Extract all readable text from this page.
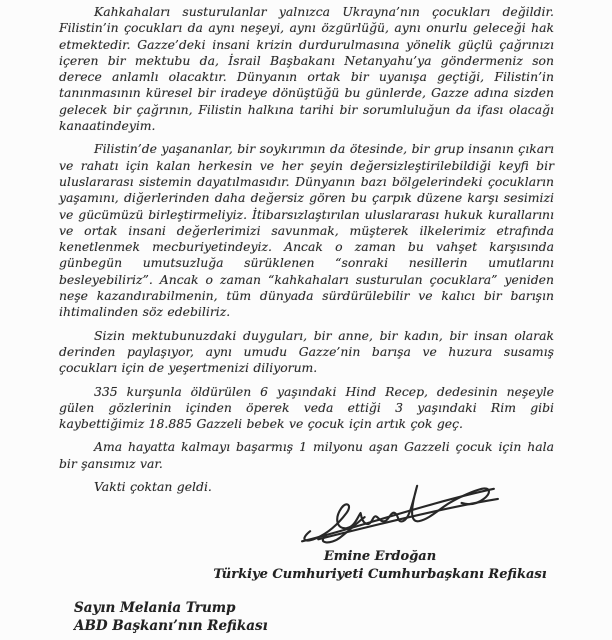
Kahkahaları susturulanlar yalnızca Ukrayna’nın çocukları değildir. Filistin’in çocukları da aynı neşeyi, aynı özgürlüğü, aynı onurlu geleceği hak etmektedir. Gazze’deki insani krizin durdurulmasına yönelik güçlü çağrınızı içeren bir mektubu da, İsrail Başbakanı Netanyahu’ya göndermeniz son derece anlamlı olacaktır. Dünyanın ortak bir uyanışa geçtiği, Filistin’in tanınmasının küresel bir iradeye dönüştüğü bu günlerde, Gazze adına sizden gelecek bir çağrının, Filistin halkına tarihi bir sorumluluğun da ifası olacağı kanaatindeyim.

Filistin’de yaşananlar, bir soykırımın da ötesinde, bir grup insanın çıkarı ve rahatı için kalan herkesin ve her şeyin değersizleştirilebildiği keyfi bir uluslararası sistemin dayatılmasıdır. Dünyanın bazı bölgelerindeki çocukların yaşamını, diğerlerinden daha değersiz gören bu çarpık düzene karşı sesimizi ve gücümüzü birleştirmeliyiz. İtibarsızlaştırılan uluslararası hukuk kurallarını ve ortak insani değerlerimizi savunmak, müşterek ilkelerimiz etrafında kenetlenmek mecburiyetindeyiz. Ancak o zaman bu vahşet karşısında günbegün umutsuzluğa sürüklenen “sonraki nesillerin umutlarını besleyebiliriz”. Ancak o zaman “kahkahaları susturulan çocuklara” yeniden neşe kazandırabilmenin, tüm dünyada sürdürülebilir ve kalıcı bir barışın ihtimalinden söz edebiliriz.

Sizin mektubunuzdaki duyguları, bir anne, bir kadın, bir insan olarak derinden paylaşıyor, aynı umudu Gazze’nin barışa ve huzura susamış çocukları için de yeşertmenizi diliyorum.

335 kurşunla öldürülen 6 yaşındaki Hind Recep, dedesinin neşeyle gülen gözlerinin içinden öperek veda ettiği 3 yaşındaki Rim gibi kaybettiğimiz 18.885 Gazzeli bebek ve çocuk için artık çok geç.

Ama hayatta kalmayı başarmış 1 milyonu aşan Gazzeli çocuk için hala bir şansımız var.

Vakti çoktan geldi.

Emine Erdoğan
Türkiye Cumhuriyeti Cumhurbaşkanı Refikası
Sayın Melania Trump
ABD Başkanı’nın Refikası
